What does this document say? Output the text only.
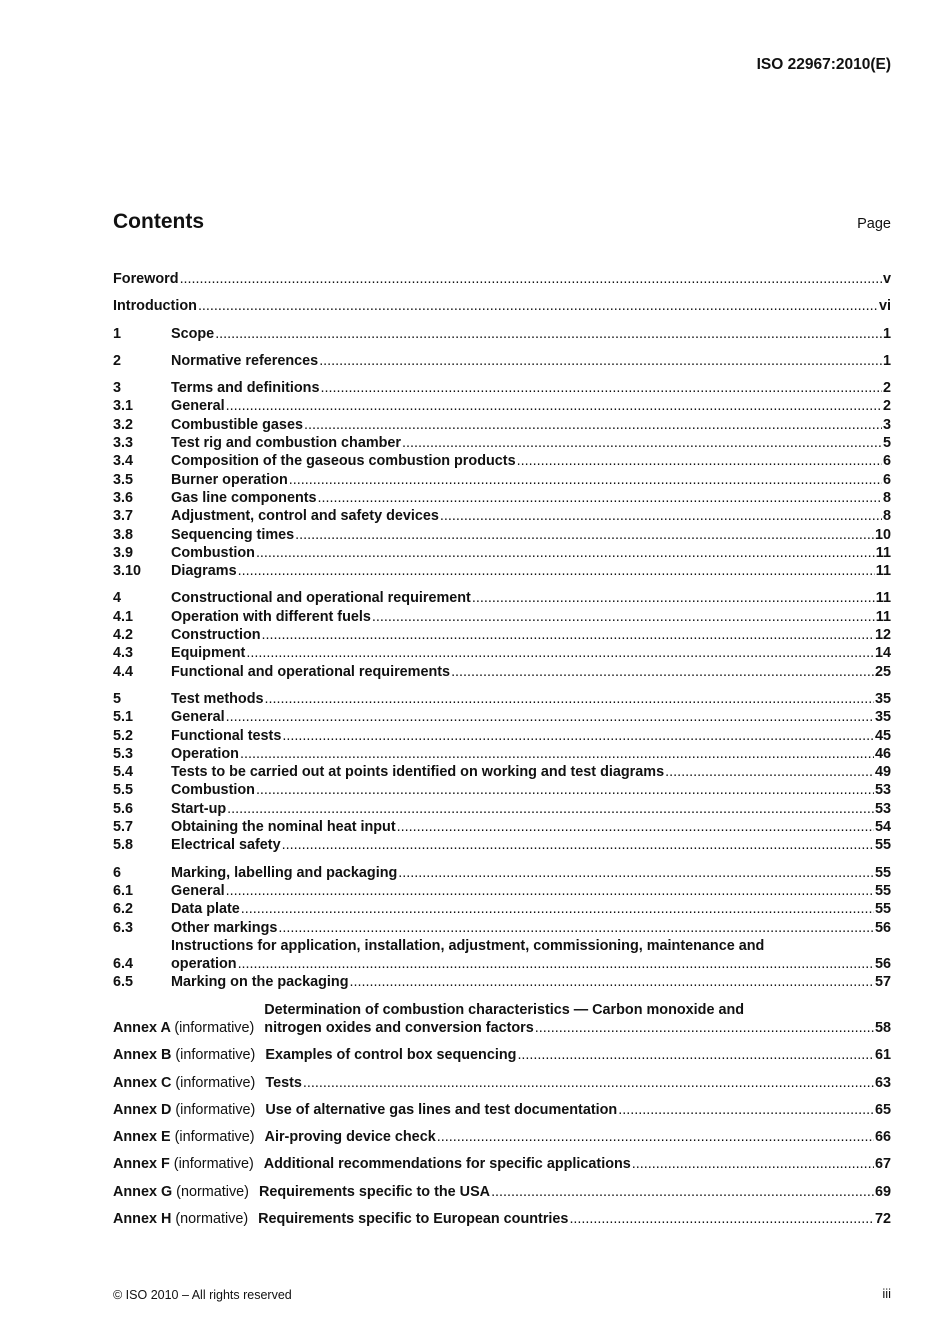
ISO 22967:2010(E)
Contents	Page
Foreword .....	v
Introduction .....	vi
1	Scope .....	1
2	Normative references .....	1
3	Terms and definitions .....	2
3.1	General .....	2
3.2	Combustible gases .....	3
3.3	Test rig and combustion chamber .....	5
3.4	Composition of the gaseous combustion products .....	6
3.5	Burner operation .....	6
3.6	Gas line components .....	8
3.7	Adjustment, control and safety devices .....	8
3.8	Sequencing times .....	10
3.9	Combustion .....	11
3.10	Diagrams .....	11
4	Constructional and operational requirement .....	11
4.1	Operation with different fuels .....	11
4.2	Construction .....	12
4.3	Equipment .....	14
4.4	Functional and operational requirements .....	25
5	Test methods .....	35
5.1	General .....	35
5.2	Functional tests .....	45
5.3	Operation .....	46
5.4	Tests to be carried out at points identified on working and test diagrams .....	49
5.5	Combustion .....	53
5.6	Start-up .....	53
5.7	Obtaining the nominal heat input .....	54
5.8	Electrical safety .....	55
6	Marking, labelling and packaging .....	55
6.1	General .....	55
6.2	Data plate .....	55
6.3	Other markings .....	56
6.4
Instructions for application, installation, adjustment, commissioning, maintenance and
operation .....	56
6.5	Marking on the packaging .....	57
Annex A (informative)
Determination of combustion characteristics — Carbon monoxide and
nitrogen oxides and conversion factors .....	58
Annex B (informative) Examples of control box sequencing .....	61
Annex C (informative) Tests .....	63
Annex D (informative) Use of alternative gas lines and test documentation .....	65
Annex E (informative) Air-proving device check .....	66
Annex F (informative) Additional recommendations for specific applications .....	67
Annex G (normative) Requirements specific to the USA .....	69
Annex H (normative) Requirements specific to European countries .....	72
© ISO 2010 – All rights reserved	iii
